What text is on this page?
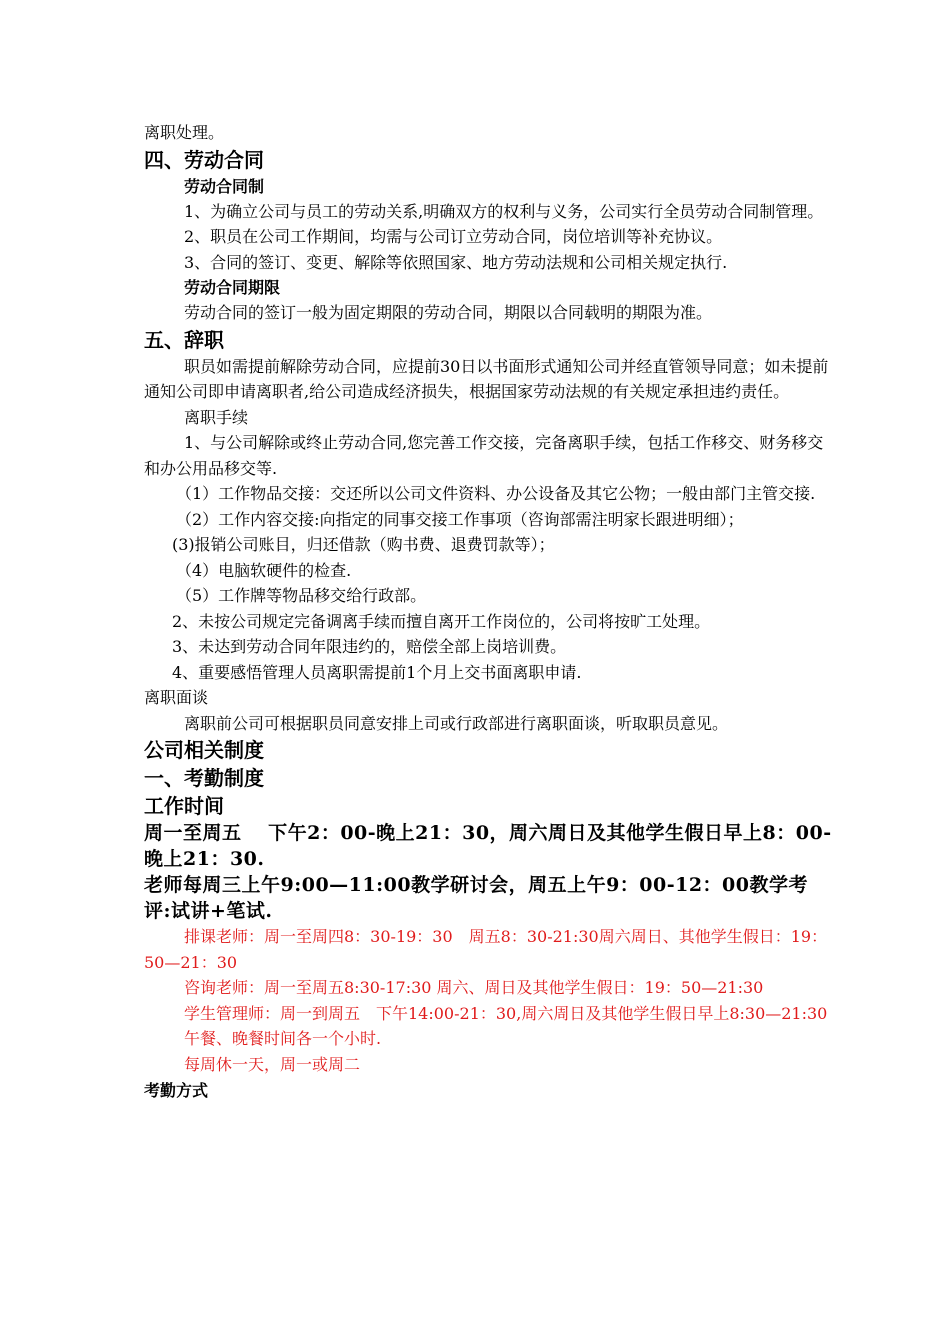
离职处理。

四、劳动合同

劳动合同制

1、为确立公司与员工的劳动关系,明确双方的权利与义务，公司实行全员劳动合同制管理。

2、职员在公司工作期间，均需与公司订立劳动合同，岗位培训等补充协议。

3、合同的签订、变更、解除等依照国家、地方劳动法规和公司相关规定执行.

劳动合同期限

劳动合同的签订一般为固定期限的劳动合同，期限以合同载明的期限为准。

五、辞职

职员如需提前解除劳动合同，应提前30日以书面形式通知公司并经直管领导同意；如未提前通知公司即申请离职者,给公司造成经济损失，根据国家劳动法规的有关规定承担违约责任。

离职手续

1、与公司解除或终止劳动合同,您完善工作交接，完备离职手续，包括工作移交、财务移交和办公用品移交等.

（1）工作物品交接：交还所以公司文件资料、办公设备及其它公物；一般由部门主管交接.

（2）工作内容交接:向指定的同事交接工作事项（咨询部需注明家长跟进明细）；

(3)报销公司账目，归还借款（购书费、退费罚款等）；

（4）电脑软硬件的检查.

（5）工作牌等物品移交给行政部。

2、未按公司规定完备调离手续而擅自离开工作岗位的，公司将按旷工处理。

3、未达到劳动合同年限违约的，赔偿全部上岗培训费。

4、重要感悟管理人员离职需提前1个月上交书面离职申请.

离职面谈

离职前公司可根据职员同意安排上司或行政部进行离职面谈，听取职员意见。

公司相关制度

一、考勤制度

工作时间

周一至周五　 下午2：00-晚上21：30，周六周日及其他学生假日早上8：00-晚上21：30.

老师每周三上午9:00—11:00教学研讨会，周五上午9：00-12：00教学考评:试讲+笔试.

排课老师：周一至周四8：30-19：30　周五8：30-21:30周六周日、其他学生假日：19：50—21：30

咨询老师：周一至周五8:30-17:30 周六、周日及其他学生假日：19：50—21:30

学生管理师：周一到周五　下午14:00-21：30,周六周日及其他学生假日早上8:30—21:30

午餐、晚餐时间各一个小时.

每周休一天，周一或周二

考勤方式
